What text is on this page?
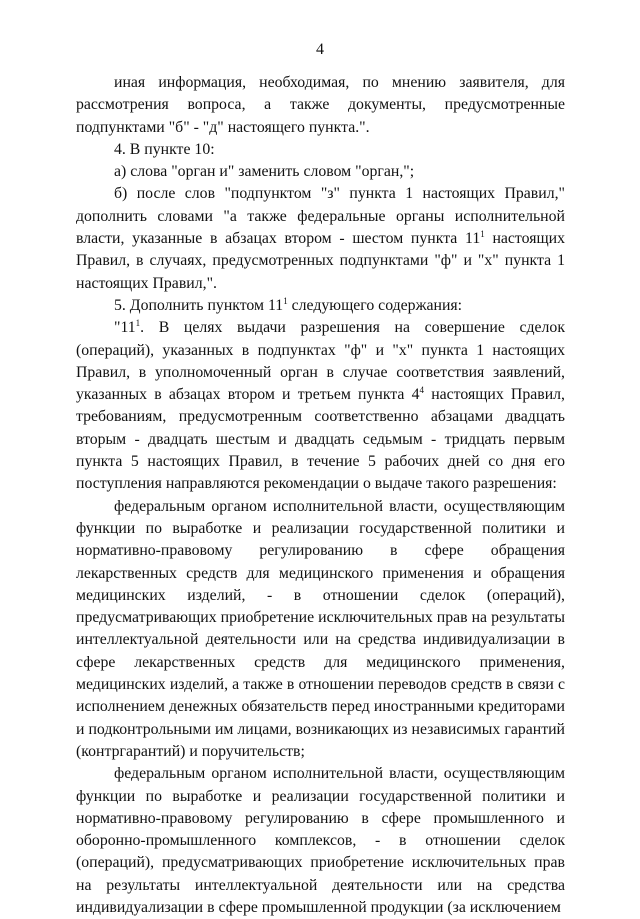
4

иная информация, необходимая, по мнению заявителя, для рассмотрения вопроса, а также документы, предусмотренные подпунктами "б" - "д" настоящего пункта.".

4. В пункте 10:

а) слова "орган и" заменить словом "орган,";

б) после слов "подпунктом "з" пункта 1 настоящих Правил," дополнить словами "а также федеральные органы исполнительной власти, указанные в абзацах втором - шестом пункта $11^1$ настоящих Правил, в случаях, предусмотренных подпунктами "ф" и "х" пункта 1 настоящих Правил,".

5. Дополнить пунктом $11^1$ следующего содержания:

"$11^1$. В целях выдачи разрешения на совершение сделок (операций), указанных в подпунктах "ф" и "х" пункта 1 настоящих Правил, в уполномоченный орган в случае соответствия заявлений, указанных в абзацах втором и третьем пункта $4^4$ настоящих Правил, требованиям, предусмотренным соответственно абзацами двадцать вторым - двадцать шестым и двадцать седьмым - тридцать первым пункта 5 настоящих Правил, в течение 5 рабочих дней со дня его поступления направляются рекомендации о выдаче такого разрешения:

федеральным органом исполнительной власти, осуществляющим функции по выработке и реализации государственной политики и нормативно-правовому регулированию в сфере обращения лекарственных средств для медицинского применения и обращения медицинских изделий, - в отношении сделок (операций), предусматривающих приобретение исключительных прав на результаты интеллектуальной деятельности или на средства индивидуализации в сфере лекарственных средств для медицинского применения, медицинских изделий, а также в отношении переводов средств в связи с исполнением денежных обязательств перед иностранными кредиторами и подконтрольными им лицами, возникающих из независимых гарантий (контргарантий) и поручительств;

федеральным органом исполнительной власти, осуществляющим функции по выработке и реализации государственной политики и нормативно-правовому регулированию в сфере промышленного и оборонно-промышленного комплексов, - в отношении сделок (операций), предусматривающих приобретение исключительных прав на результаты интеллектуальной деятельности или на средства индивидуализации в сфере промышленной продукции (за исключением
